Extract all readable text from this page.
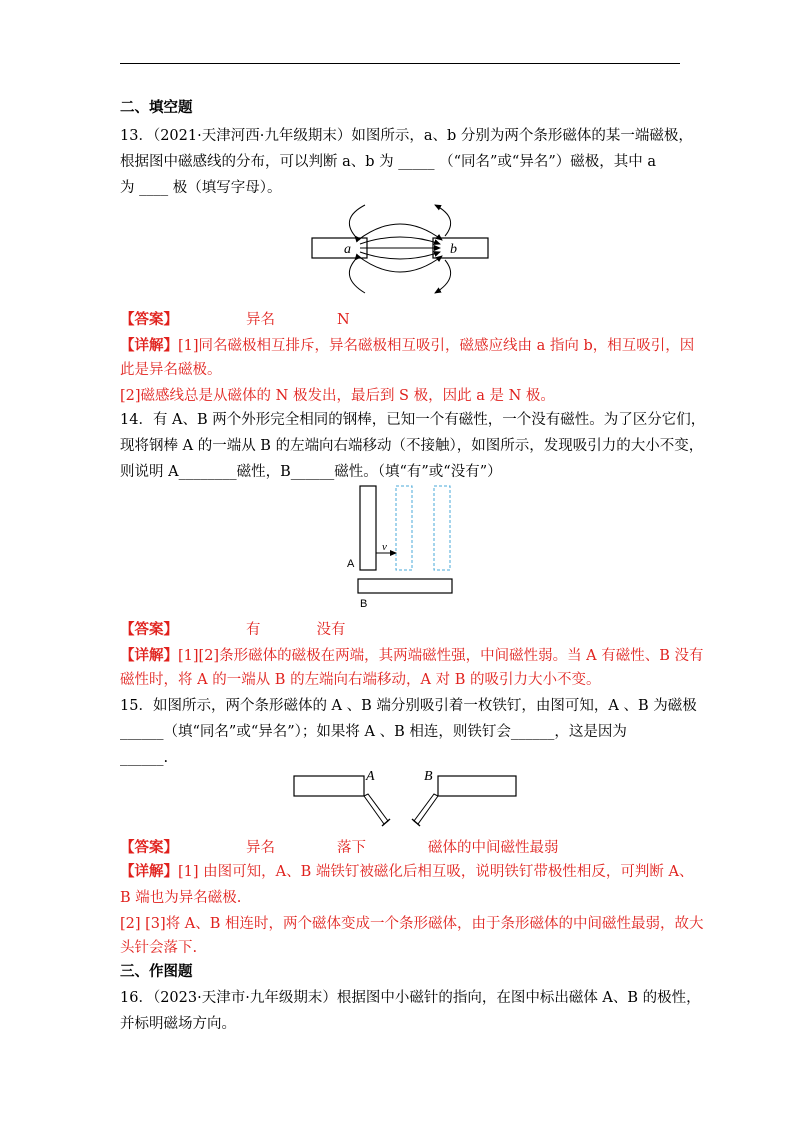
二、填空题
13．（2021·天津河西·九年级期末）如图所示，a、b 分别为两个条形磁体的某一端磁极，
根据图中磁感线的分布，可以判断 a、b 为 _____ （“同名”或“异名”）磁极，其中 a
为 ____ 极（填写字母）。
a	b
【答案】	异名	N
【详解】[1]同名磁极相互排斥，异名磁极相互吸引，磁感应线由 a 指向 b，相互吸引，因
此是异名磁极。
[2]磁感线总是从磁体的 N 极发出，最后到 S 极，因此 a 是 N 极。
14．有 A、B 两个外形完全相同的钢棒，已知一个有磁性，一个没有磁性。为了区分它们，
现将钢棒 A 的一端从 B 的左端向右端移动（不接触），如图所示，发现吸引力的大小不变，
则说明 A________磁性，B______磁性。（填“有”或“没有”）
v
A
B
【答案】	有	没有
【详解】[1][2]条形磁体的磁极在两端，其两端磁性强，中间磁性弱。当 A 有磁性、B 没有
磁性时，将 A 的一端从 B 的左端向右端移动，A 对 B 的吸引力大小不变。
15．如图所示，两个条形磁体的 A 、B 端分别吸引着一枚铁钉，由图可知，A 、B 为磁极
______（填“同名”或“异名”）；如果将 A 、B 相连，则铁钉会______，这是因为
______.
A	B
【答案】	异名	落下	磁体的中间磁性最弱
【详解】[1] 由图可知，A、B 端铁钉被磁化后相互吸，说明铁钉带极性相反，可判断 A、
B 端也为异名磁极.
[2] [3]将 A、B 相连时，两个磁体变成一个条形磁体，由于条形磁体的中间磁性最弱，故大
头针会落下.
三、作图题
16．（2023·天津市·九年级期末）根据图中小磁针的指向，在图中标出磁体 A、B 的极性，
并标明磁场方向。
